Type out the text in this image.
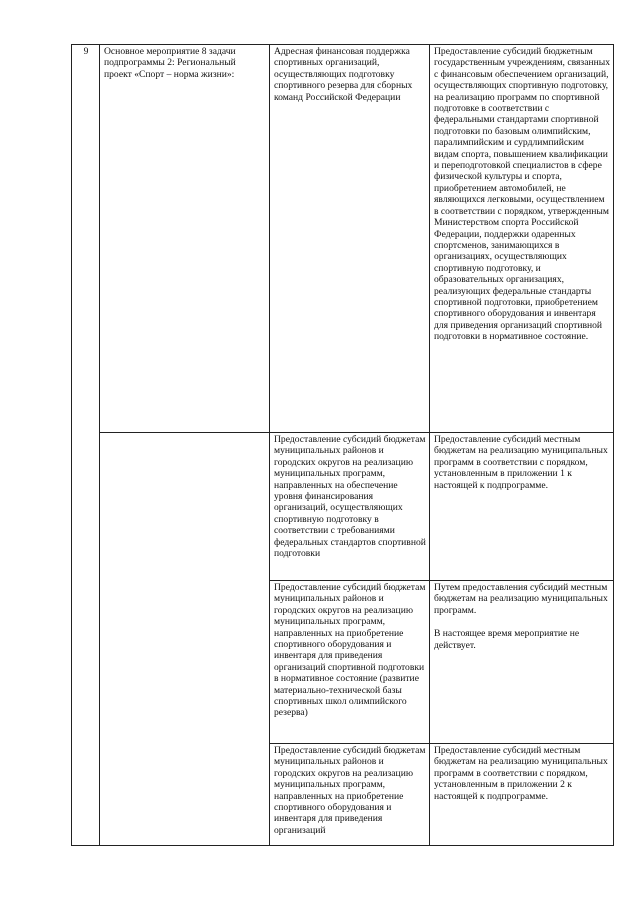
9	Основное мероприятие 8 задачи подпрограммы 2: Региональный проект «Спорт – норма жизни»:	Адресная финансовая поддержка спортивных организаций, осуществляющих подготовку спортивного резерва для сборных команд Российской Федерации	Предоставление субсидий бюджетным государственным учреждениям, связанных с финансовым обеспечением организаций, осуществляющих спортивную подготовку, на реализацию программ по спортивной подготовке в соответствии с федеральными стандартами спортивной подготовки по базовым олимпийским, паралимпийским и сурдлимпийским видам спорта, повышением квалификации и переподготовкой специалистов в сфере физической культуры и спорта, приобретением автомобилей, не являющихся легковыми, осуществлением в соответствии с порядком, утвержденным Министерством спорта Российской Федерации, поддержки одаренных спортсменов, занимающихся в организациях, осуществляющих спортивную подготовку, и образовательных организациях, реализующих федеральные стандарты спортивной подготовки, приобретением спортивного оборудования и инвентаря для приведения организаций спортивной подготовки в нормативное состояние.

		Предоставление субсидий бюджетам муниципальных районов и городских округов на реализацию муниципальных программ, направленных на обеспечение уровня финансирования организаций, осуществляющих спортивную подготовку в соответствии с требованиями федеральных стандартов спортивной подготовки	Предоставление субсидий местным бюджетам на реализацию муниципальных программ в соответствии с порядком, установленным в приложении 1 к настоящей к подпрограмме.

		Предоставление субсидий бюджетам муниципальных районов и городских округов на реализацию муниципальных программ, направленных на приобретение спортивного оборудования и инвентаря для приведения организаций спортивной подготовки в нормативное состояние (развитие материально-технической базы спортивных школ олимпийского резерва)	Путем предоставления субсидий местным бюджетам на реализацию муниципальных программ.
В настоящее время мероприятие не действует.

		Предоставление субсидий бюджетам муниципальных районов и городских округов на реализацию муниципальных программ, направленных на приобретение спортивного оборудования и инвентаря для приведения организаций	Предоставление субсидий местным бюджетам на реализацию муниципальных программ в соответствии с порядком, установленным в приложении 2 к настоящей к подпрограмме.
